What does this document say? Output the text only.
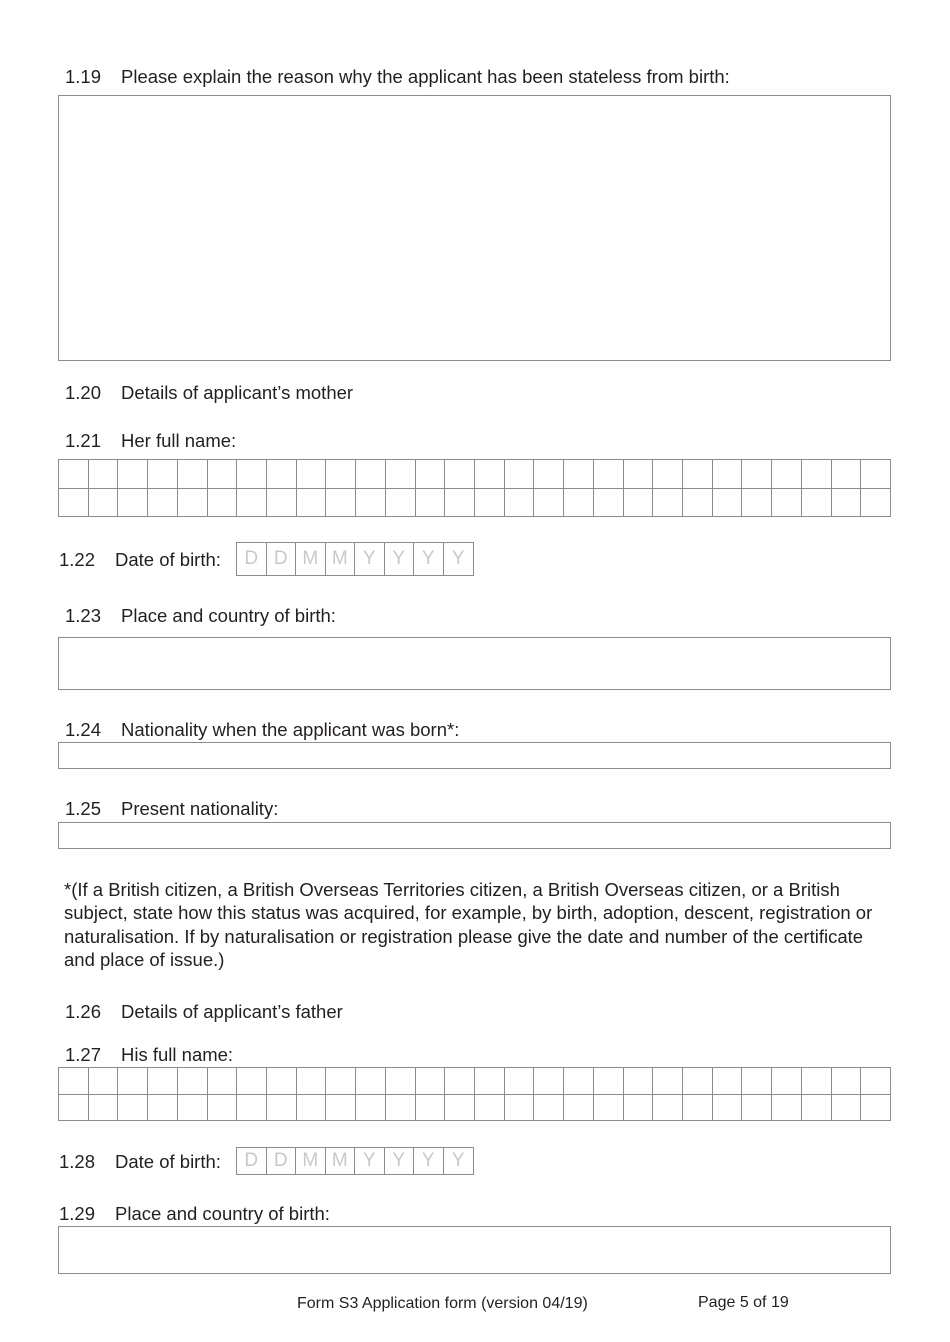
1.19 Please explain the reason why the applicant has been stateless from birth:
1.20 Details of applicant’s mother
1.21 Her full name:
1.22 Date of birth:	D D M M Y Y Y Y
1.23 Place and country of birth:
1.24 Nationality when the applicant was born*:
1.25 Present nationality:
*(If a British citizen, a British Overseas Territories citizen, a British Overseas citizen, or a British subject, state how this status was acquired, for example, by birth, adoption, descent, registration or naturalisation. If by naturalisation or registration please give the date and number of the certificate and place of issue.)
1.26 Details of applicant’s father
1.27 His full name:
1.28 Date of birth:	D D M M Y Y Y Y
1.29 Place and country of birth:
Form S3 Application form (version 04/19)	Page 5 of 19
